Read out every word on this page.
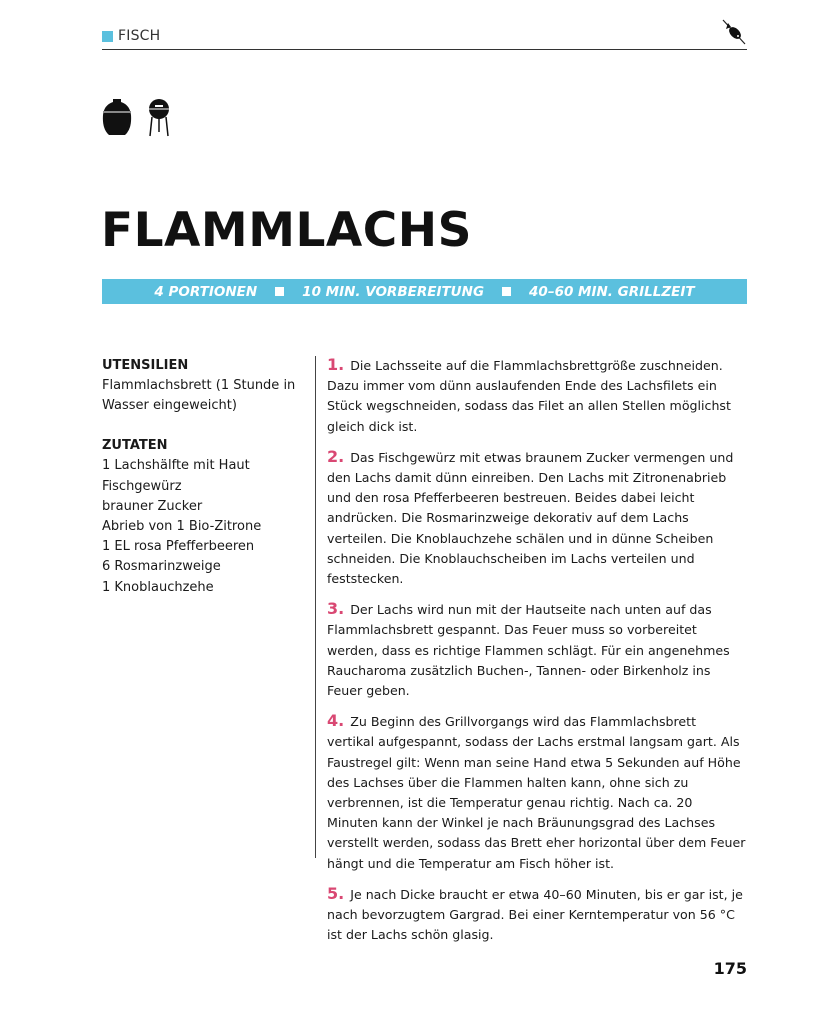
FISCH
FLAMMLACHS
4 PORTIONEN	10 MIN. VORBEREITUNG	40–60 MIN. GRILLZEIT
UTENSILIEN
Flammlachsbrett (1 Stunde in
Wasser eingeweicht)
ZUTATEN
1 Lachshälfte mit Haut
Fischgewürz
brauner Zucker
Abrieb von 1 Bio-Zitrone
1 EL rosa Pfefferbeeren
6 Rosmarinzweige
1 Knoblauchzehe

1. Die Lachsseite auf die Flammlachsbrettgröße zuschneiden. Dazu immer vom dünn auslaufenden Ende des Lachsfilets ein Stück wegschneiden, sodass das Filet an allen Stellen möglichst gleich dick ist.

2. Das Fischgewürz mit etwas braunem Zucker vermengen und den Lachs damit dünn einreiben. Den Lachs mit Zitronenabrieb und den rosa Pfefferbeeren bestreuen. Beides dabei leicht andrücken. Die Rosmarinzweige dekorativ auf dem Lachs verteilen. Die Knoblauchzehe schälen und in dünne Scheiben schneiden. Die Knoblauchscheiben im Lachs verteilen und feststecken.

3. Der Lachs wird nun mit der Hautseite nach unten auf das Flammlachsbrett gespannt. Das Feuer muss so vorbereitet werden, dass es richtige Flammen schlägt. Für ein angenehmes Raucharoma zusätzlich Buchen-, Tannen- oder Birkenholz ins Feuer geben.

4. Zu Beginn des Grillvorgangs wird das Flammlachsbrett vertikal aufgespannt, sodass der Lachs erstmal langsam gart. Als Faustregel gilt: Wenn man seine Hand etwa 5 Sekunden auf Höhe des Lachses über die Flammen halten kann, ohne sich zu verbrennen, ist die Temperatur genau richtig. Nach ca. 20 Minuten kann der Winkel je nach Bräunungsgrad des Lachses verstellt werden, sodass das Brett eher horizontal über dem Feuer hängt und die Temperatur am Fisch höher ist.

5. Je nach Dicke braucht er etwa 40–60 Minuten, bis er gar ist, je nach bevorzugtem Gargrad. Bei einer Kerntemperatur von 56 °C ist der Lachs schön glasig.

175
